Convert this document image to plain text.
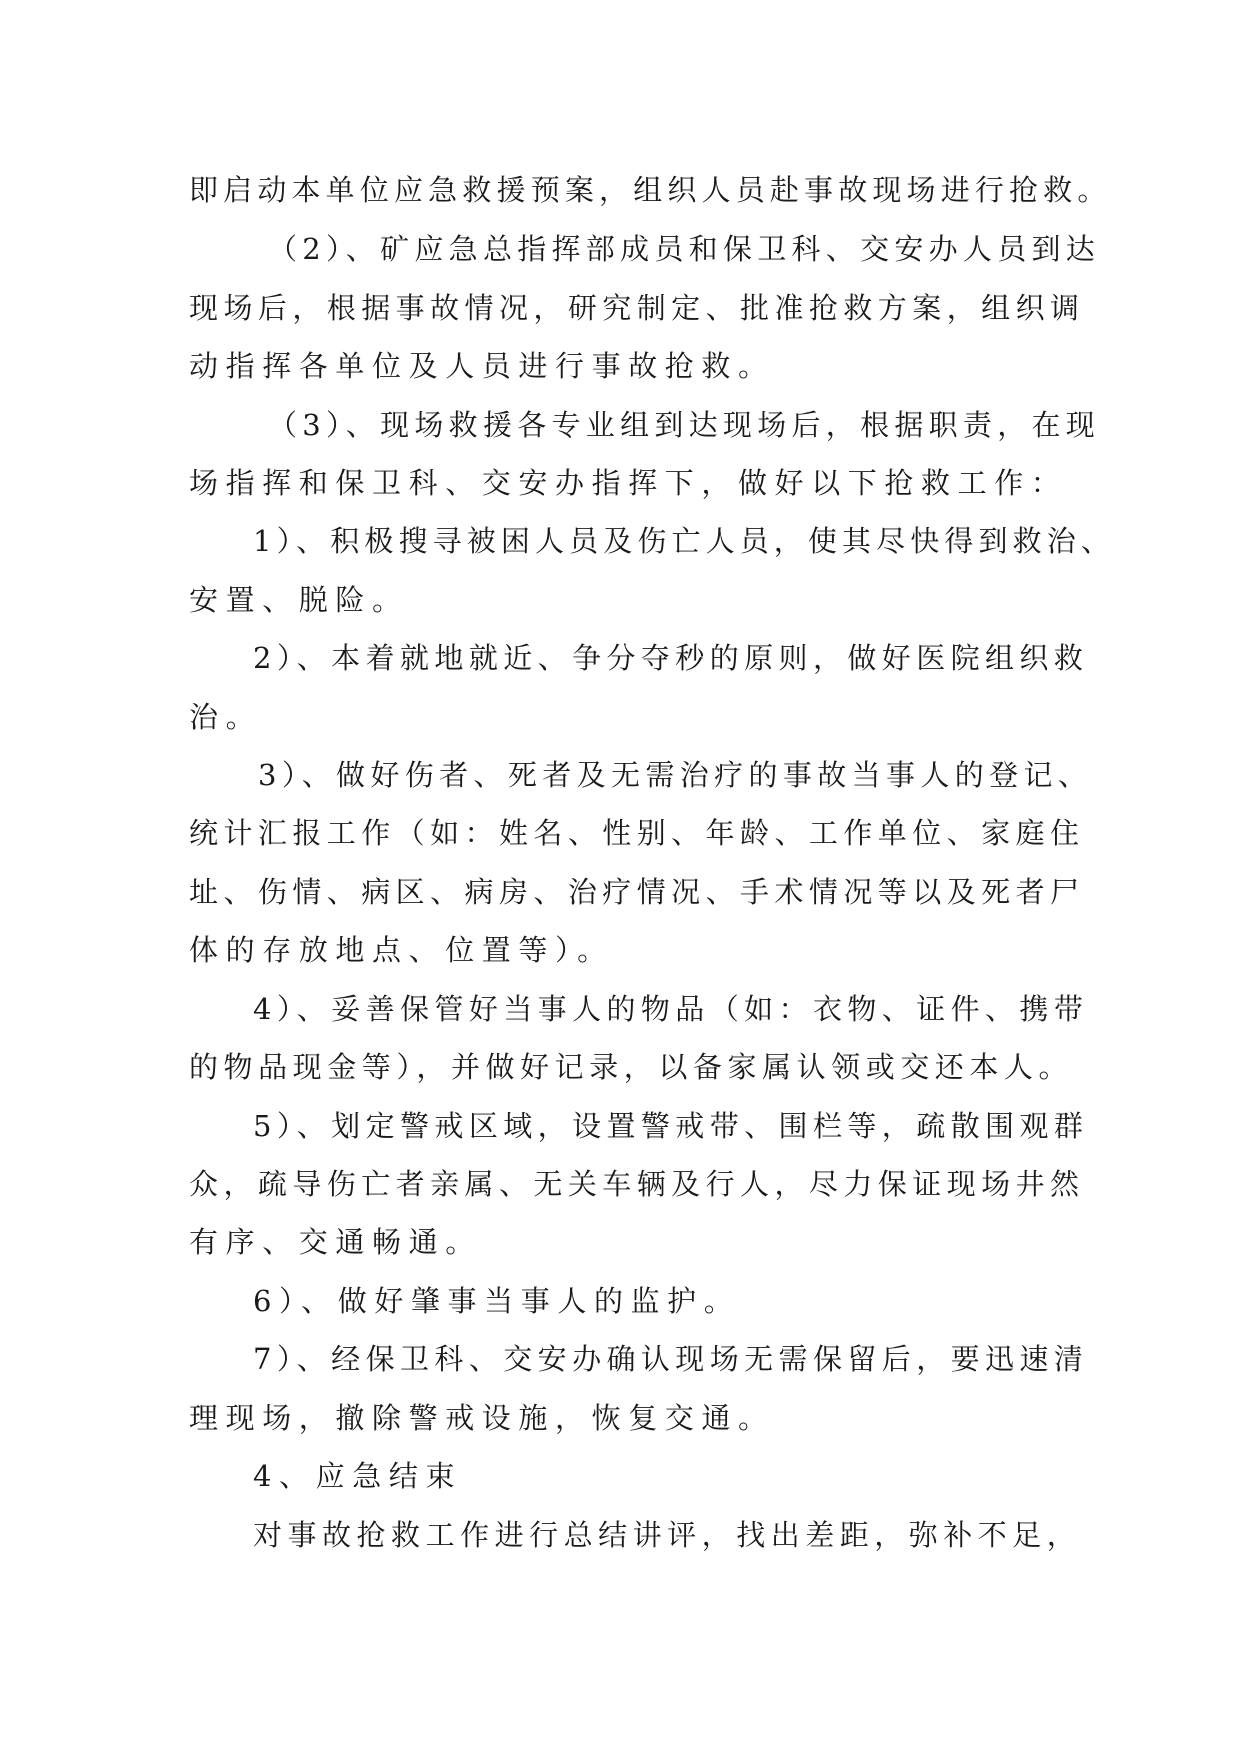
即启动本单位应急救援预案，组织人员赴事故现场进行抢救。
（2）、矿应急总指挥部成员和保卫科、交安办人员到达
现场后，根据事故情况，研究制定、批准抢救方案，组织调
动指挥各单位及人员进行事故抢救。
（3）、现场救援各专业组到达现场后，根据职责，在现
场指挥和保卫科、交安办指挥下，做好以下抢救工作：
1）、积极搜寻被困人员及伤亡人员，使其尽快得到救治、
安置、脱险。
2）、本着就地就近、争分夺秒的原则，做好医院组织救
治。
3）、做好伤者、死者及无需治疗的事故当事人的登记、
统计汇报工作（如：姓名、性别、年龄、工作单位、家庭住
址、伤情、病区、病房、治疗情况、手术情况等以及死者尸
体的存放地点、位置等）。
4）、妥善保管好当事人的物品（如：衣物、证件、携带
的物品现金等），并做好记录，以备家属认领或交还本人。
5）、划定警戒区域，设置警戒带、围栏等，疏散围观群
众，疏导伤亡者亲属、无关车辆及行人，尽力保证现场井然
有序、交通畅通。
6）、做好肇事当事人的监护。
7）、经保卫科、交安办确认现场无需保留后，要迅速清
理现场，撤除警戒设施，恢复交通。
4、应急结束
对事故抢救工作进行总结讲评，找出差距，弥补不足，
